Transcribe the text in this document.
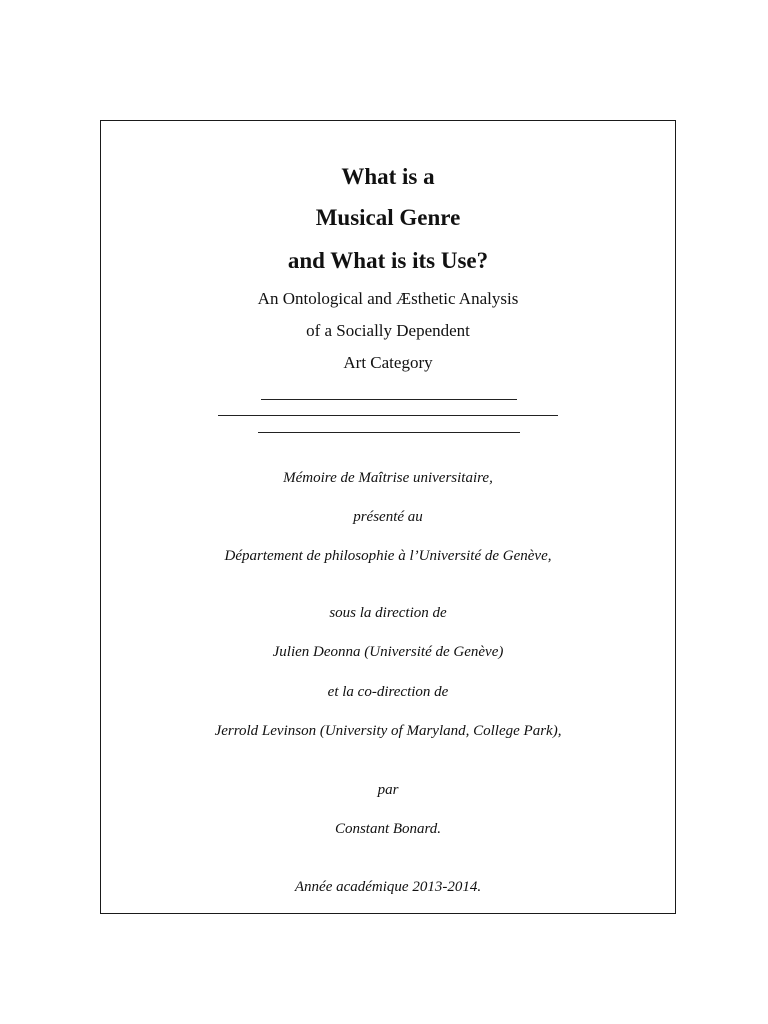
What is a
Musical Genre
and What is its Use?
An Ontological and Æsthetic Analysis
of a Socially Dependent
Art Category
Mémoire de Maîtrise universitaire,
présenté au
Département de philosophie à l’Université de Genève,
sous la direction de
Julien Deonna (Université de Genève)
et la co-direction de
Jerrold Levinson (University of Maryland, College Park),
par
Constant Bonard.
Année académique 2013-2014.
